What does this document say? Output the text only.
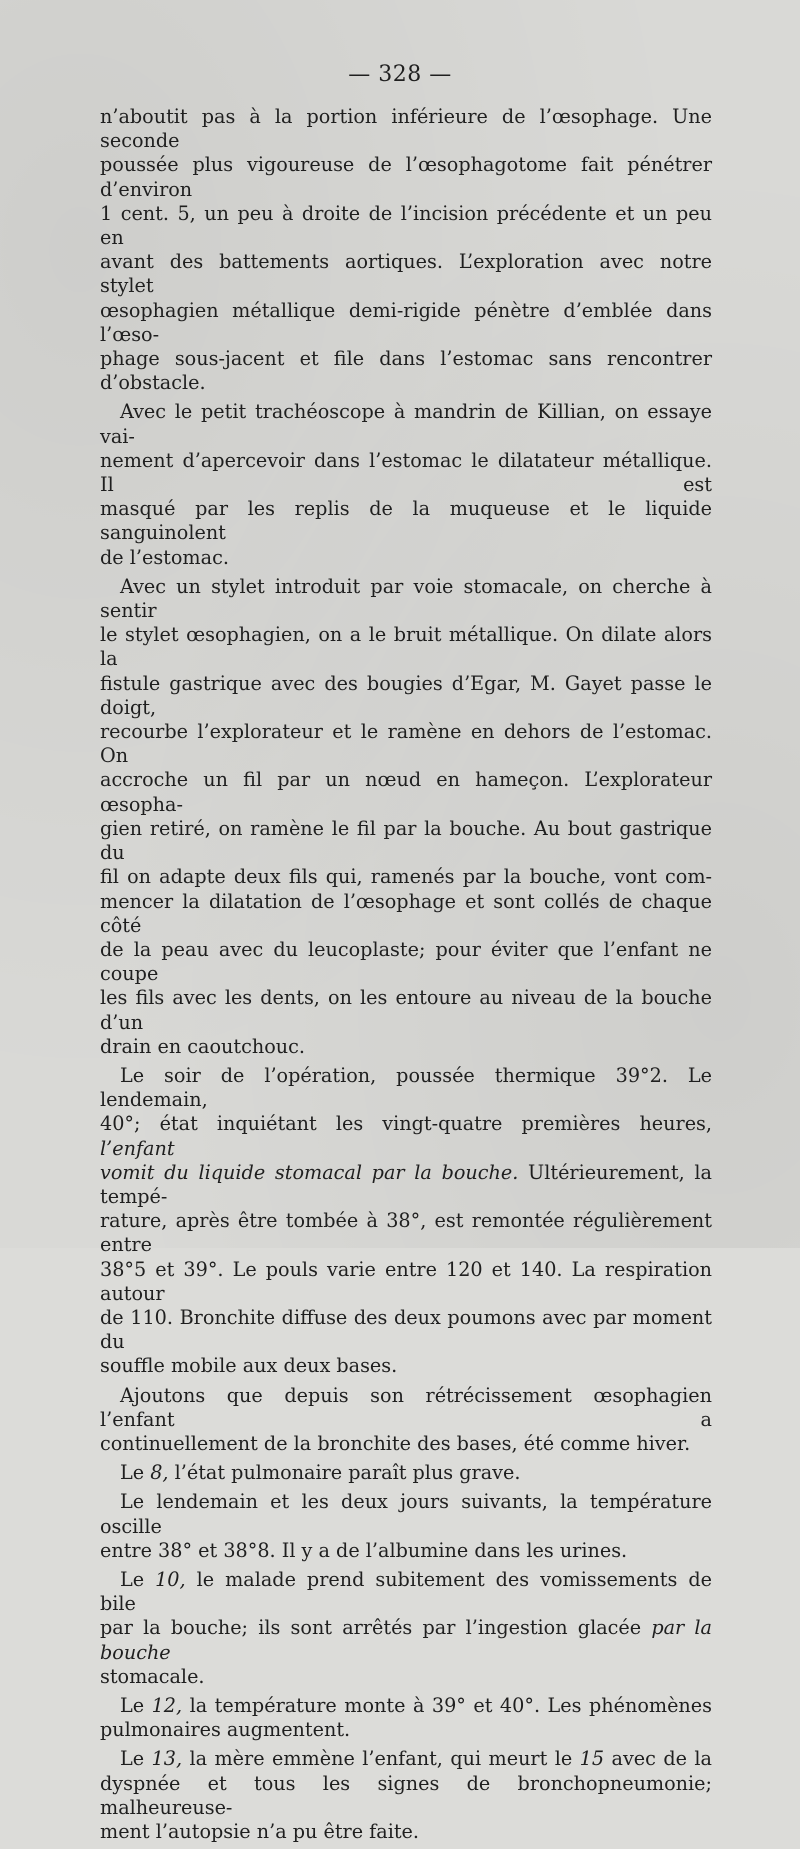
— 328 —

n’aboutit pas à la portion inférieure de l’œsophage. Une seconde
poussée plus vigoureuse de l’œsophagotome fait pénétrer d’environ
1 cent. 5, un peu à droite de l’incision précédente et un peu en
avant des battements aortiques. L’exploration avec notre stylet
œsophagien métallique demi-rigide pénètre d’emblée dans l’œso-
phage sous-jacent et file dans l’estomac sans rencontrer d’obstacle.

Avec le petit trachéoscope à mandrin de Killian, on essaye vai-
nement d’apercevoir dans l’estomac le dilatateur métallique. Il est
masqué par les replis de la muqueuse et le liquide sanguinolent
de l’estomac.

Avec un stylet introduit par voie stomacale, on cherche à sentir
le stylet œsophagien, on a le bruit métallique. On dilate alors la
fistule gastrique avec des bougies d’Egar, M. Gayet passe le doigt,
recourbe l’explorateur et le ramène en dehors de l’estomac. On
accroche un fil par un nœud en hameçon. L’explorateur œsopha-
gien retiré, on ramène le fil par la bouche. Au bout gastrique du
fil on adapte deux fils qui, ramenés par la bouche, vont com-
mencer la dilatation de l’œsophage et sont collés de chaque côté
de la peau avec du leucoplaste; pour éviter que l’enfant ne coupe
les fils avec les dents, on les entoure au niveau de la bouche d’un
drain en caoutchouc.

Le soir de l’opération, poussée thermique 39°2. Le lendemain,
40°; état inquiétant les vingt-quatre premières heures, l’enfant
vomit du liquide stomacal par la bouche. Ultérieurement, la tempé-
rature, après être tombée à 38°, est remontée régulièrement entre
38°5 et 39°. Le pouls varie entre 120 et 140. La respiration autour
de 110. Bronchite diffuse des deux poumons avec par moment du
souffle mobile aux deux bases.

Ajoutons que depuis son rétrécissement œsophagien l’enfant a
continuellement de la bronchite des bases, été comme hiver.

Le 8, l’état pulmonaire paraît plus grave.

Le lendemain et les deux jours suivants, la température oscille
entre 38° et 38°8. Il y a de l’albumine dans les urines.

Le 10, le malade prend subitement des vomissements de bile
par la bouche; ils sont arrêtés par l’ingestion glacée par la bouche
stomacale.

Le 12, la température monte à 39° et 40°. Les phénomènes
pulmonaires augmentent.

Le 13, la mère emmène l’enfant, qui meurt le 15 avec de la
dyspnée et tous les signes de bronchopneumonie; malheureuse-
ment l’autopsie n’a pu être faite.
